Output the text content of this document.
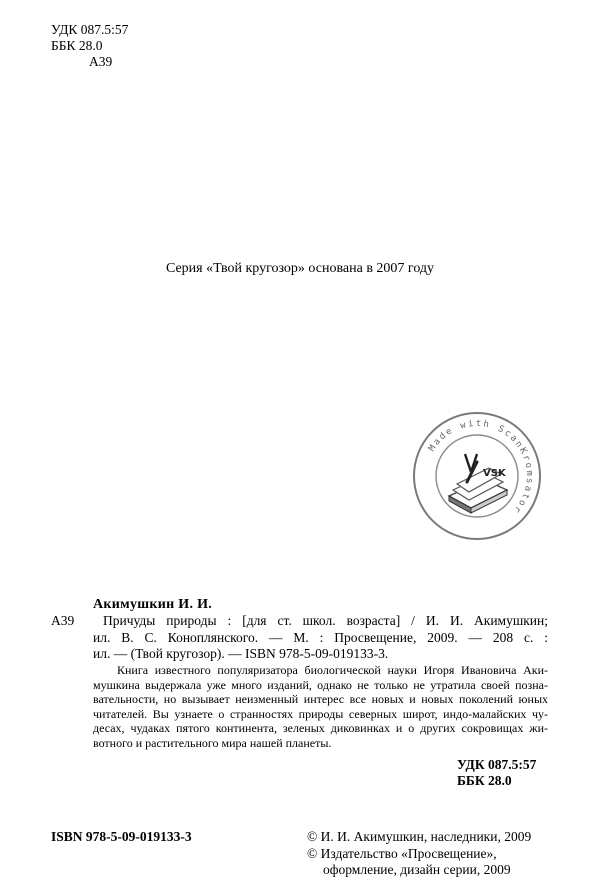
УДК 087.5:57
ББК 28.0
А39
Серия «Твой кругозор» основана в 2007 году
Made with ScanKromsator
VSK
Акимушкин И. И.
А39	Причуды природы : [для ст. школ. возраста] / И. И. Акимушкин;
ил. В. С. Коноплянского. — М. : Просвещение, 2009. — 208 с. :
ил. — (Твой кругозор). — ISBN 978-5-09-019133-3.
Книга известного популяризатора биологической науки Игоря Ивановича Аки-
мушкина выдержала уже много изданий, однако не только не утратила своей позна-
вательности, но вызывает неизменный интерес все новых и новых поколений юных
читателей. Вы узнаете о странностях природы северных широт, индо-малайских чу-
десах, чудаках пятого континента, зеленых диковинках и о других сокровищах жи-
вотного и растительного мира нашей планеты.
УДК 087.5:57
ББК 28.0
ISBN 978-5-09-019133-3	© И. И. Акимушкин, наследники, 2009
© Издательство «Просвещение»,
оформление, дизайн серии, 2009
